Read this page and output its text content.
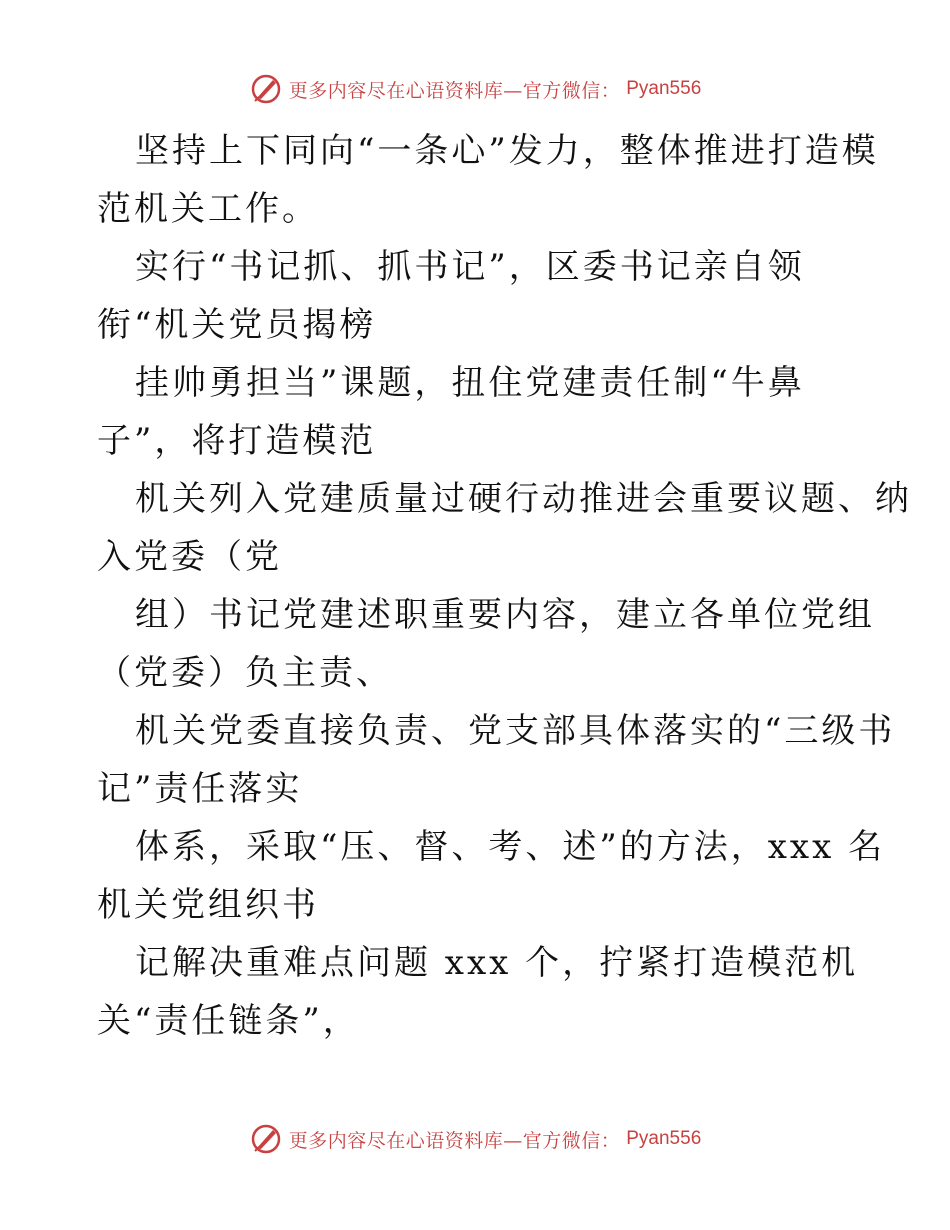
更多内容尽在心语资料库—官方微信： Pyan556
坚持上下同向“一条心”发力，整体推进打造模
范机关工作。
实行“书记抓、抓书记”，区委书记亲自领
衔“机关党员揭榜
挂帅勇担当”课题，扭住党建责任制“牛鼻
子”，将打造模范
机关列入党建质量过硬行动推进会重要议题、纳
入党委（党
组）书记党建述职重要内容，建立各单位党组
（党委）负主责、
机关党委直接负责、党支部具体落实的“三级书
记”责任落实
体系，采取“压、督、考、述”的方法，xxx 名
机关党组织书
记解决重难点问题 xxx 个，拧紧打造模范机
关“责任链条”，
更多内容尽在心语资料库—官方微信： Pyan556
